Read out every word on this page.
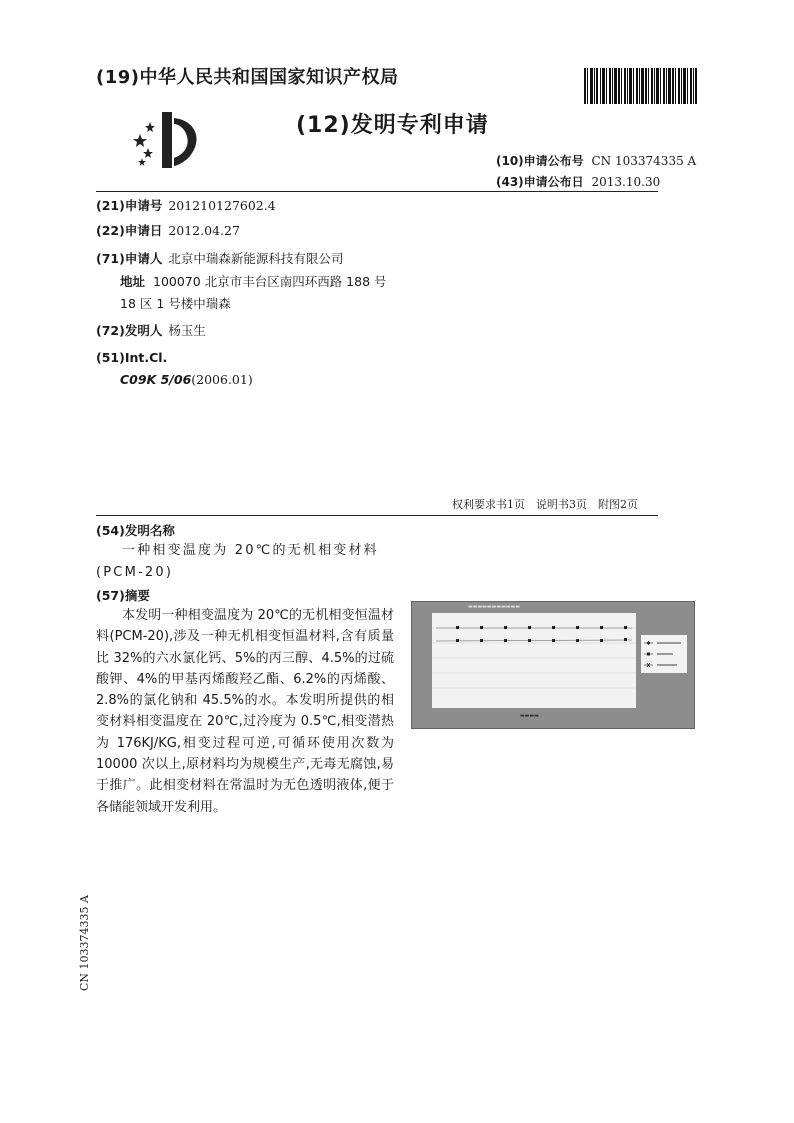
(19)中华人民共和国国家知识产权局
(12)发明专利申请
(10)申请公布号 CN 103374335 A
(43)申请公布日 2013.10.30
(21)申请号 201210127602.4
(22)申请日 2012.04.27
(71)申请人 北京中瑞森新能源科技有限公司
地址 100070 北京市丰台区南四环西路 188 号 18 区 1 号楼中瑞森
(72)发明人 杨玉生
(51)Int.Cl.
C09K 5/06(2006.01)
权利要求书1页　说明书3页　附图2页
(54)发明名称
一种相变温度为 20℃的无机相变材料(PCM-20)
(57)摘要
本发明一种相变温度为 20℃的无机相变恒温材料(PCM-20),涉及一种无机相变恒温材料,含有质量比 32%的六水氯化钙、5%的丙三醇、4.5%的过硫酸钾、4%的甲基丙烯酸羟乙酯、6.2%的丙烯酸、2.8%的氯化钠和 45.5%的水。本发明所提供的相变材料相变温度在 20℃,过冷度为 0.5℃,相变潜热为 176KJ/KG,相变过程可逆,可循环使用次数为 10000 次以上,原材料均为规模生产,无毒无腐蚀,易于推广。此相变材料在常温时为无色透明液体,便于各储能领域开发利用。
▬▬▬▬▬▬▬▬▬▬▬
▬▬▬▬
CN 103374335 A
